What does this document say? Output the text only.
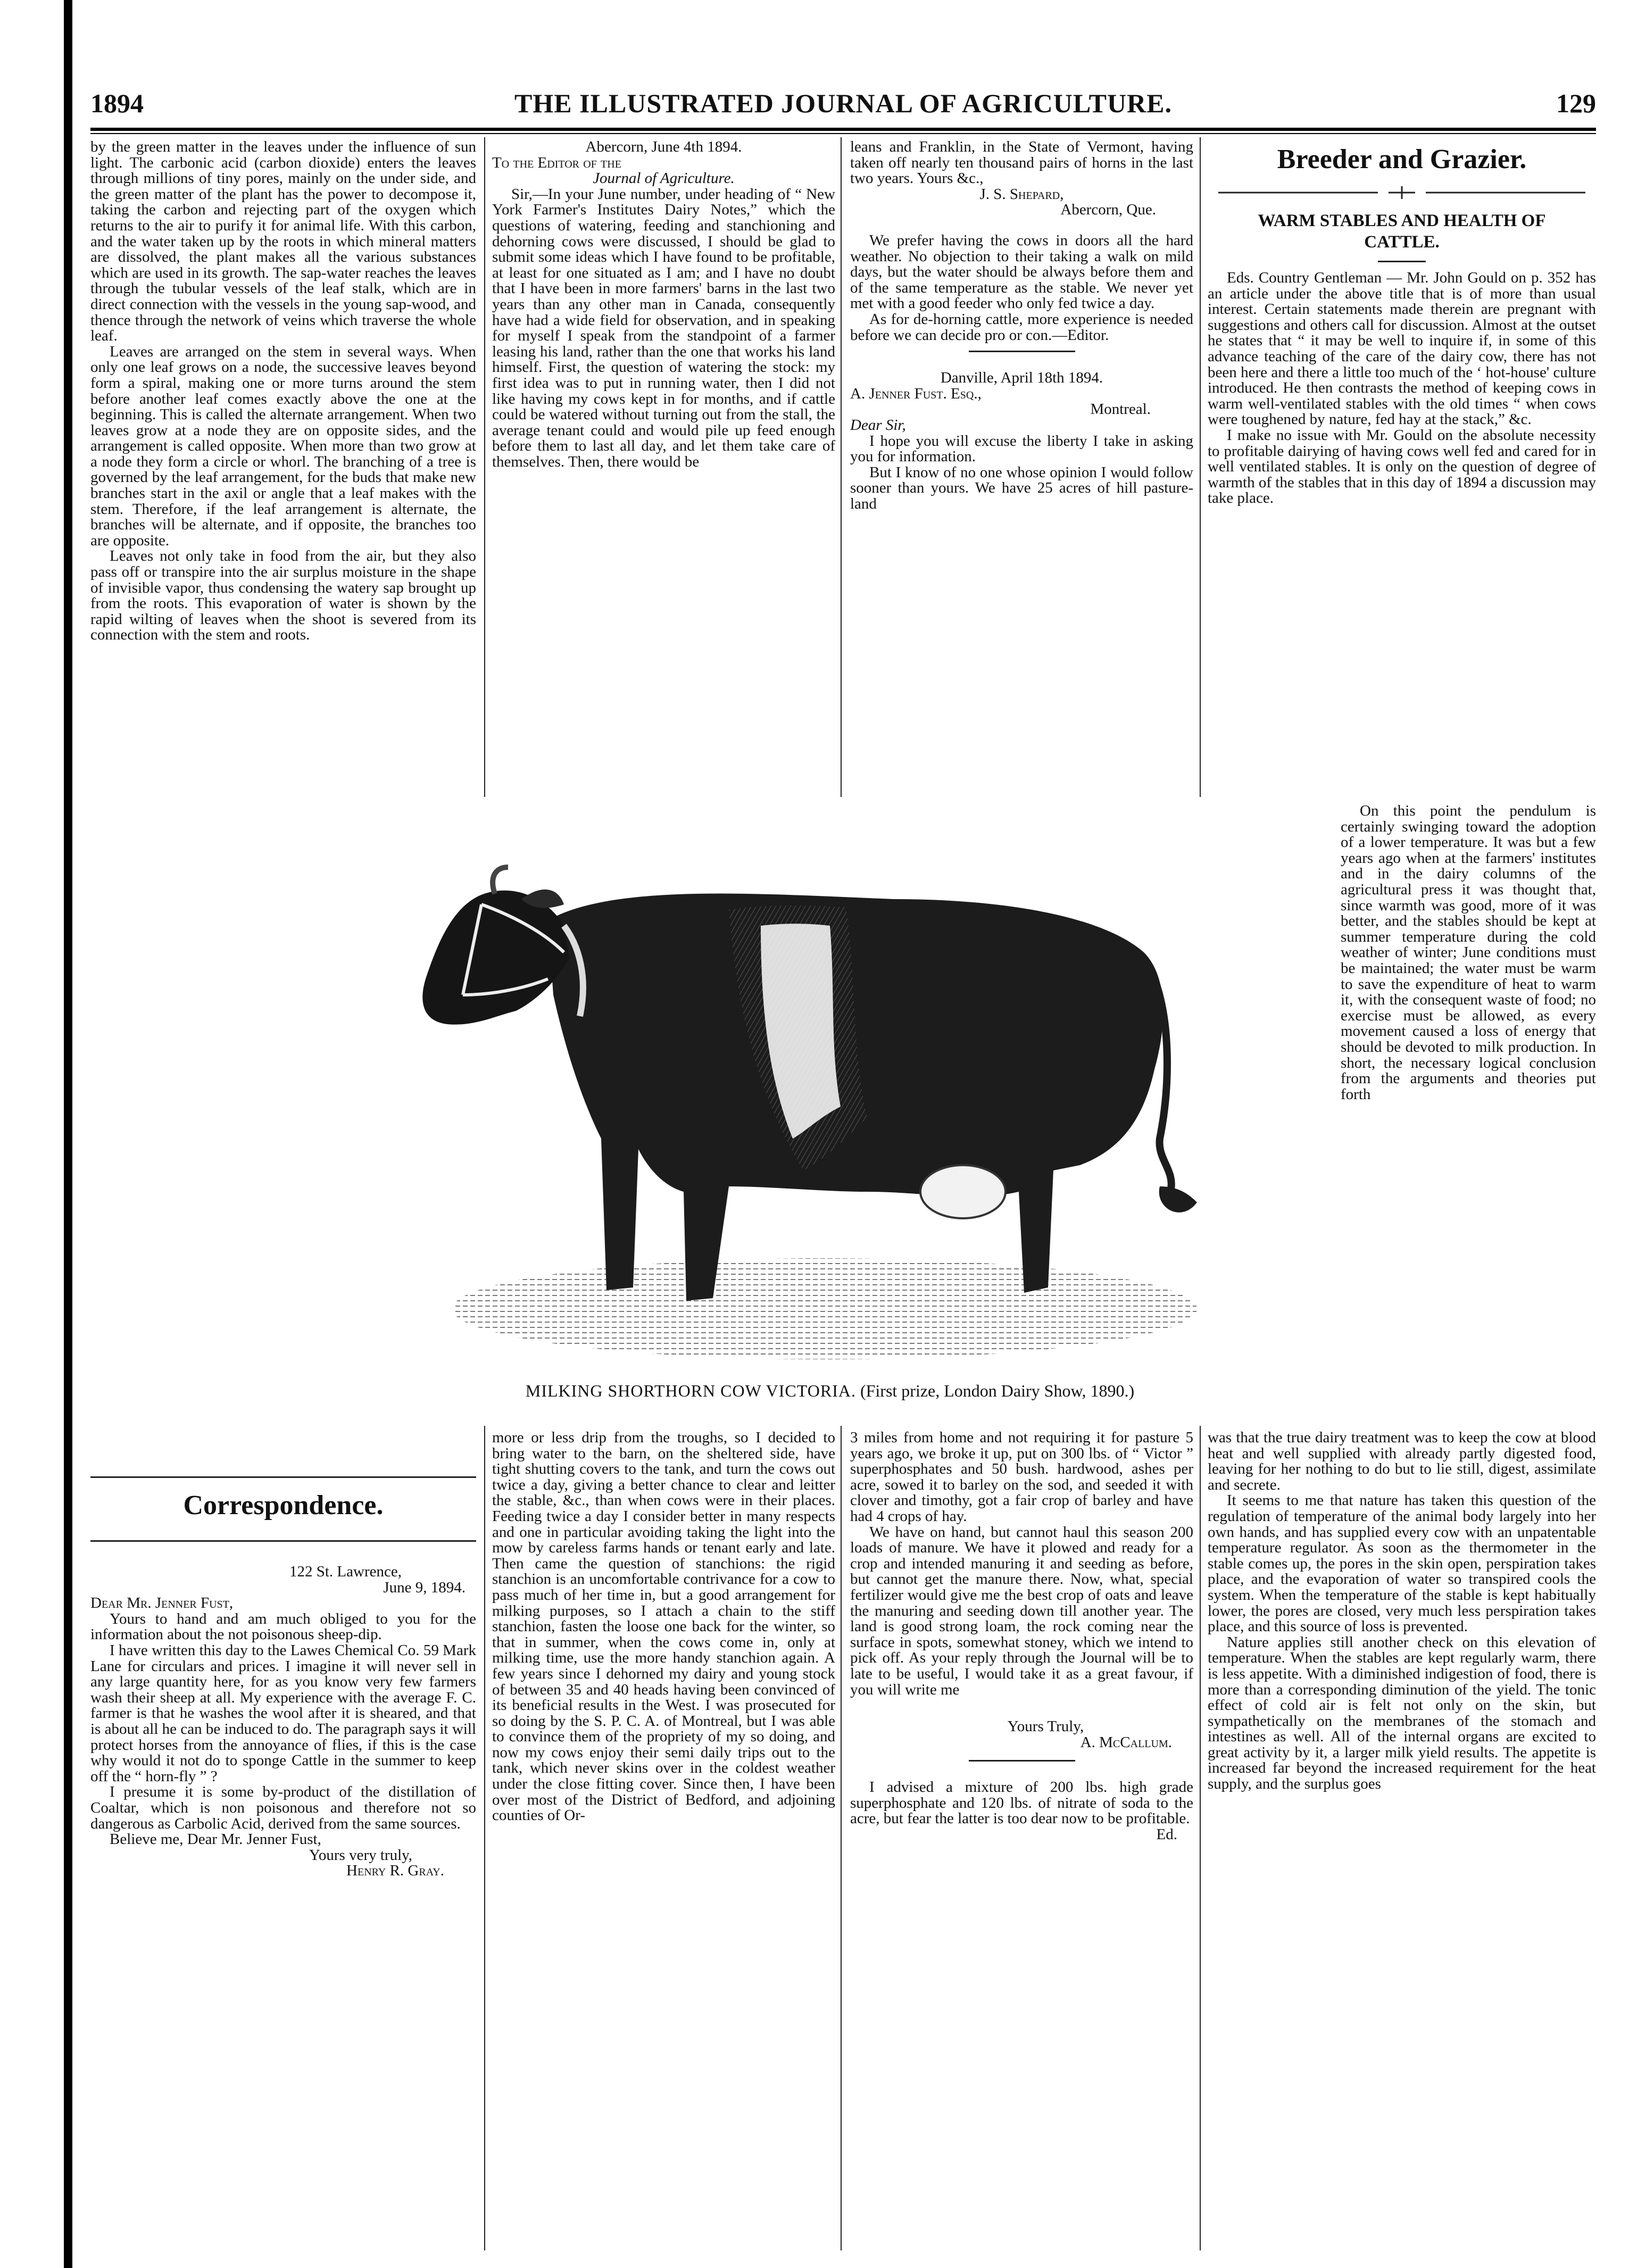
1894	THE ILLUSTRATED JOURNAL OF AGRICULTURE.	129

by the green matter in the leaves under the influence of sun light. The carbonic acid (carbon dioxide) enters the leaves through millions of tiny pores, mainly on the under side, and the green matter of the plant has the power to decompose it, taking the carbon and rejecting part of the oxygen which returns to the air to purify it for animal life. With this carbon, and the water taken up by the roots in which mineral matters are dissolved, the plant makes all the various substances which are used in its growth. The sap-water reaches the leaves through the tubular vessels of the leaf stalk, which are in direct connection with the vessels in the young sap-wood, and thence through the network of veins which traverse the whole leaf.

Leaves are arranged on the stem in several ways. When only one leaf grows on a node, the successive leaves beyond form a spiral, making one or more turns around the stem before another leaf comes exactly above the one at the beginning. This is called the alternate arrangement. When two leaves grow at a node they are on opposite sides, and the arrangement is called opposite. When more than two grow at a node they form a circle or whorl. The branching of a tree is governed by the leaf arrangement, for the buds that make new branches start in the axil or angle that a leaf makes with the stem. Therefore, if the leaf arrangement is alternate, the branches will be alternate, and if opposite, the branches too are opposite.

Leaves not only take in food from the air, but they also pass off or transpire into the air surplus moisture in the shape of invisible vapor, thus condensing the watery sap brought up from the roots. This evaporation of water is shown by the rapid wilting of leaves when the shoot is severed from its connection with the stem and roots.

Correspondence.
122 St. Lawrence,
June 9, 1894.

Dear Mr. Jenner Fust,

Yours to hand and am much obliged to you for the information about the not poisonous sheep-dip.

I have written this day to the Lawes Chemical Co. 59 Mark Lane for circulars and prices. I imagine it will never sell in any large quantity here, for as you know very few farmers wash their sheep at all. My experience with the average F. C. farmer is that he washes the wool after it is sheared, and that is about all he can be induced to do. The paragraph says it will protect horses from the annoyance of flies, if this is the case why would it not do to sponge Cattle in the summer to keep off the “ horn-fly ” ?

I presume it is some by-product of the distillation of Coaltar, which is non poisonous and therefore not so dangerous as Carbolic Acid, derived from the same sources.

Believe me, Dear Mr. Jenner Fust,

Yours very truly,
Henry R. Gray.
Abercorn, June 4th 1894.
To the Editor of the
Journal of Agriculture.

Sir,—In your June number, under heading of “ New York Farmer's Institutes Dairy Notes,” which the questions of watering, feeding and stanchioning and dehorning cows were discussed, I should be glad to submit some ideas which I have found to be profitable, at least for one situated as I am; and I have no doubt that I have been in more farmers' barns in the last two years than any other man in Canada, consequently have had a wide field for observation, and in speaking for myself I speak from the standpoint of a farmer leasing his land, rather than the one that works his land himself. First, the question of watering the stock: my first idea was to put in running water, then I did not like having my cows kept in for months, and if cattle could be watered without turning out from the stall, the average tenant could and would pile up feed enough before them to last all day, and let them take care of themselves. Then, there would be

more or less drip from the troughs, so I decided to bring water to the barn, on the sheltered side, have tight shutting covers to the tank, and turn the cows out twice a day, giving a better chance to clear and leitter the stable, &c., than when cows were in their places. Feeding twice a day I consider better in many respects and one in particular avoiding taking the light into the mow by careless farms hands or tenant early and late. Then came the question of stanchions: the rigid stanchion is an uncomfortable contrivance for a cow to pass much of her time in, but a good arrangement for milking purposes, so I attach a chain to the stiff stanchion, fasten the loose one back for the winter, so that in summer, when the cows come in, only at milking time, use the more handy stanchion again. A few years since I dehorned my dairy and young stock of between 35 and 40 heads having been convinced of its beneficial results in the West. I was prosecuted for so doing by the S. P. C. A. of Montreal, but I was able to convince them of the propriety of my so doing, and now my cows enjoy their semi daily trips out to the tank, which never skins over in the coldest weather under the close fitting cover. Since then, I have been over most of the District of Bedford, and adjoining counties of Or-

leans and Franklin, in the State of Vermont, having taken off nearly ten thousand pairs of horns in the last two years. Yours &c.,

J. S. Shepard,
Abercorn, Que.

We prefer having the cows in doors all the hard weather. No objection to their taking a walk on mild days, but the water should be always before them and of the same temperature as the stable. We never yet met with a good feeder who only fed twice a day.

As for de-horning cattle, more experience is needed before we can decide pro or con.—Editor.

Danville, April 18th 1894.
A. Jenner Fust. Esq.,
Montreal.
Dear Sir,

I hope you will excuse the liberty I take in asking you for information.

But I know of no one whose opinion I would follow sooner than yours. We have 25 acres of hill pasture-land

3 miles from home and not requiring it for pasture 5 years ago, we broke it up, put on 300 lbs. of “ Victor ” superphosphates and 50 bush. hardwood, ashes per acre, sowed it to barley on the sod, and seeded it with clover and timothy, got a fair crop of barley and have had 4 crops of hay.

We have on hand, but cannot haul this season 200 loads of manure. We have it plowed and ready for a crop and intended manuring it and seeding as before, but cannot get the manure there. Now, what, special fertilizer would give me the best crop of oats and leave the manuring and seeding down till another year. The land is good strong loam, the rock coming near the surface in spots, somewhat stoney, which we intend to pick off. As your reply through the Journal will be to late to be useful, I would take it as a great favour, if you will write me

Yours Truly,
A. McCallum.

I advised a mixture of 200 lbs. high grade superphosphate and 120 lbs. of nitrate of soda to the acre, but fear the latter is too dear now to be profitable.

Ed.
Breeder and Grazier.
WARM STABLES AND HEALTH OF CATTLE.

Eds. Country Gentleman — Mr. John Gould on p. 352 has an article under the above title that is of more than usual interest. Certain statements made therein are pregnant with suggestions and others call for discussion. Almost at the outset he states that “ it may be well to inquire if, in some of this advance teaching of the care of the dairy cow, there has not been here and there a little too much of the ‘ hot-house' culture introduced. He then contrasts the method of keeping cows in warm well-ventilated stables with the old times “ when cows were toughened by nature, fed hay at the stack,” &c.

I make no issue with Mr. Gould on the absolute necessity to profitable dairying of having cows well fed and cared for in well ventilated stables. It is only on the question of degree of warmth of the stables that in this day of 1894 a discussion may take place.

On this point the pendulum is certainly swinging toward the adoption of a lower temperature. It was but a few years ago when at the farmers' institutes and in the dairy columns of the agricultural press it was thought that, since warmth was good, more of it was better, and the stables should be kept at summer temperature during the cold weather of winter; June conditions must be maintained; the water must be warm to save the expenditure of heat to warm it, with the consequent waste of food; no exercise must be allowed, as every movement caused a loss of energy that should be devoted to milk production. In short, the necessary logical conclusion from the arguments and theories put forth

was that the true dairy treatment was to keep the cow at blood heat and well supplied with already partly digested food, leaving for her nothing to do but to lie still, digest, assimilate and secrete.

It seems to me that nature has taken this question of the regulation of temperature of the animal body largely into her own hands, and has supplied every cow with an unpatentable temperature regulator. As soon as the thermometer in the stable comes up, the pores in the skin open, perspiration takes place, and the evaporation of water so transpired cools the system. When the temperature of the stable is kept habitually lower, the pores are closed, very much less perspiration takes place, and this source of loss is prevented.

Nature applies still another check on this elevation of temperature. When the stables are kept regularly warm, there is less appetite. With a diminished indigestion of food, there is more than a corresponding diminution of the yield. The tonic effect of cold air is felt not only on the skin, but sympathetically on the membranes of the stomach and intestines as well. All of the internal organs are excited to great activity by it, a larger milk yield results. The appetite is increased far beyond the increased requirement for the heat supply, and the surplus goes

MILKING SHORTHORN COW VICTORIA. (First prize, London Dairy Show, 1890.)
